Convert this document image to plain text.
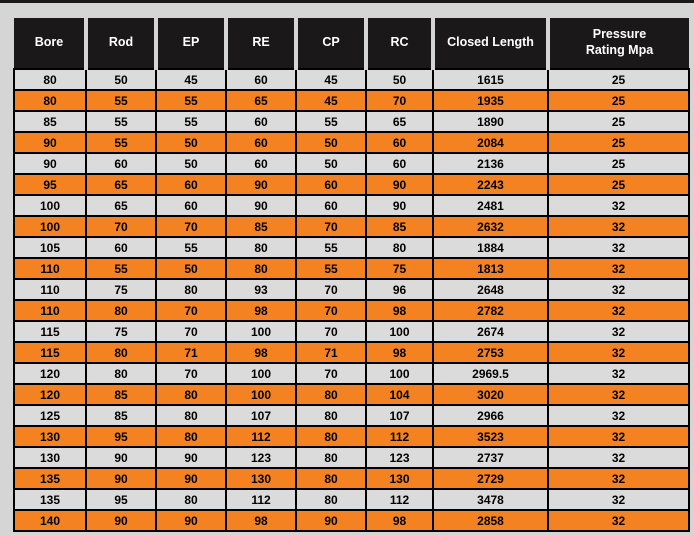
Bore	Rod	EP	RE	CP	RC	Closed Length	Pressure Rating Mpa
80	50	45	60	45	50	1615	25
80	55	55	65	45	70	1935	25
85	55	55	60	55	65	1890	25
90	55	50	60	50	60	2084	25
90	60	50	60	50	60	2136	25
95	65	60	90	60	90	2243	25
100	65	60	90	60	90	2481	32
100	70	70	85	70	85	2632	32
105	60	55	80	55	80	1884	32
110	55	50	80	55	75	1813	32
110	75	80	93	70	96	2648	32
110	80	70	98	70	98	2782	32
115	75	70	100	70	100	2674	32
115	80	71	98	71	98	2753	32
120	80	70	100	70	100	2969.5	32
120	85	80	100	80	104	3020	32
125	85	80	107	80	107	2966	32
130	95	80	112	80	112	3523	32
130	90	90	123	80	123	2737	32
135	90	90	130	80	130	2729	32
135	95	80	112	80	112	3478	32
140	90	90	98	90	98	2858	32
